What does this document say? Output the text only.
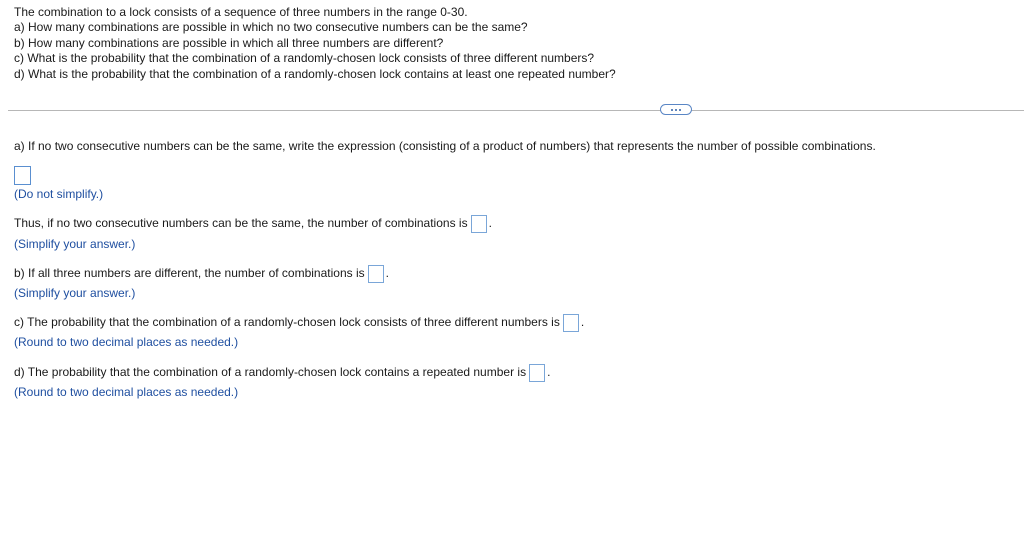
The combination to a lock consists of a sequence of three numbers in the range 0-30.
a) How many combinations are possible in which no two consecutive numbers can be the same?
b) How many combinations are possible in which all three numbers are different?
c) What is the probability that the combination of a randomly-chosen lock consists of three different numbers?
d) What is the probability that the combination of a randomly-chosen lock contains at least one repeated number?
a) If no two consecutive numbers can be the same, write the expression (consisting of a product of numbers) that represents the number of possible combinations.
(Do not simplify.)
Thus, if no two consecutive numbers can be the same, the number of combinations is .
(Simplify your answer.)
b) If all three numbers are different, the number of combinations is .
(Simplify your answer.)
c) The probability that the combination of a randomly-chosen lock consists of three different numbers is .
(Round to two decimal places as needed.)
d) The probability that the combination of a randomly-chosen lock contains a repeated number is .
(Round to two decimal places as needed.)
